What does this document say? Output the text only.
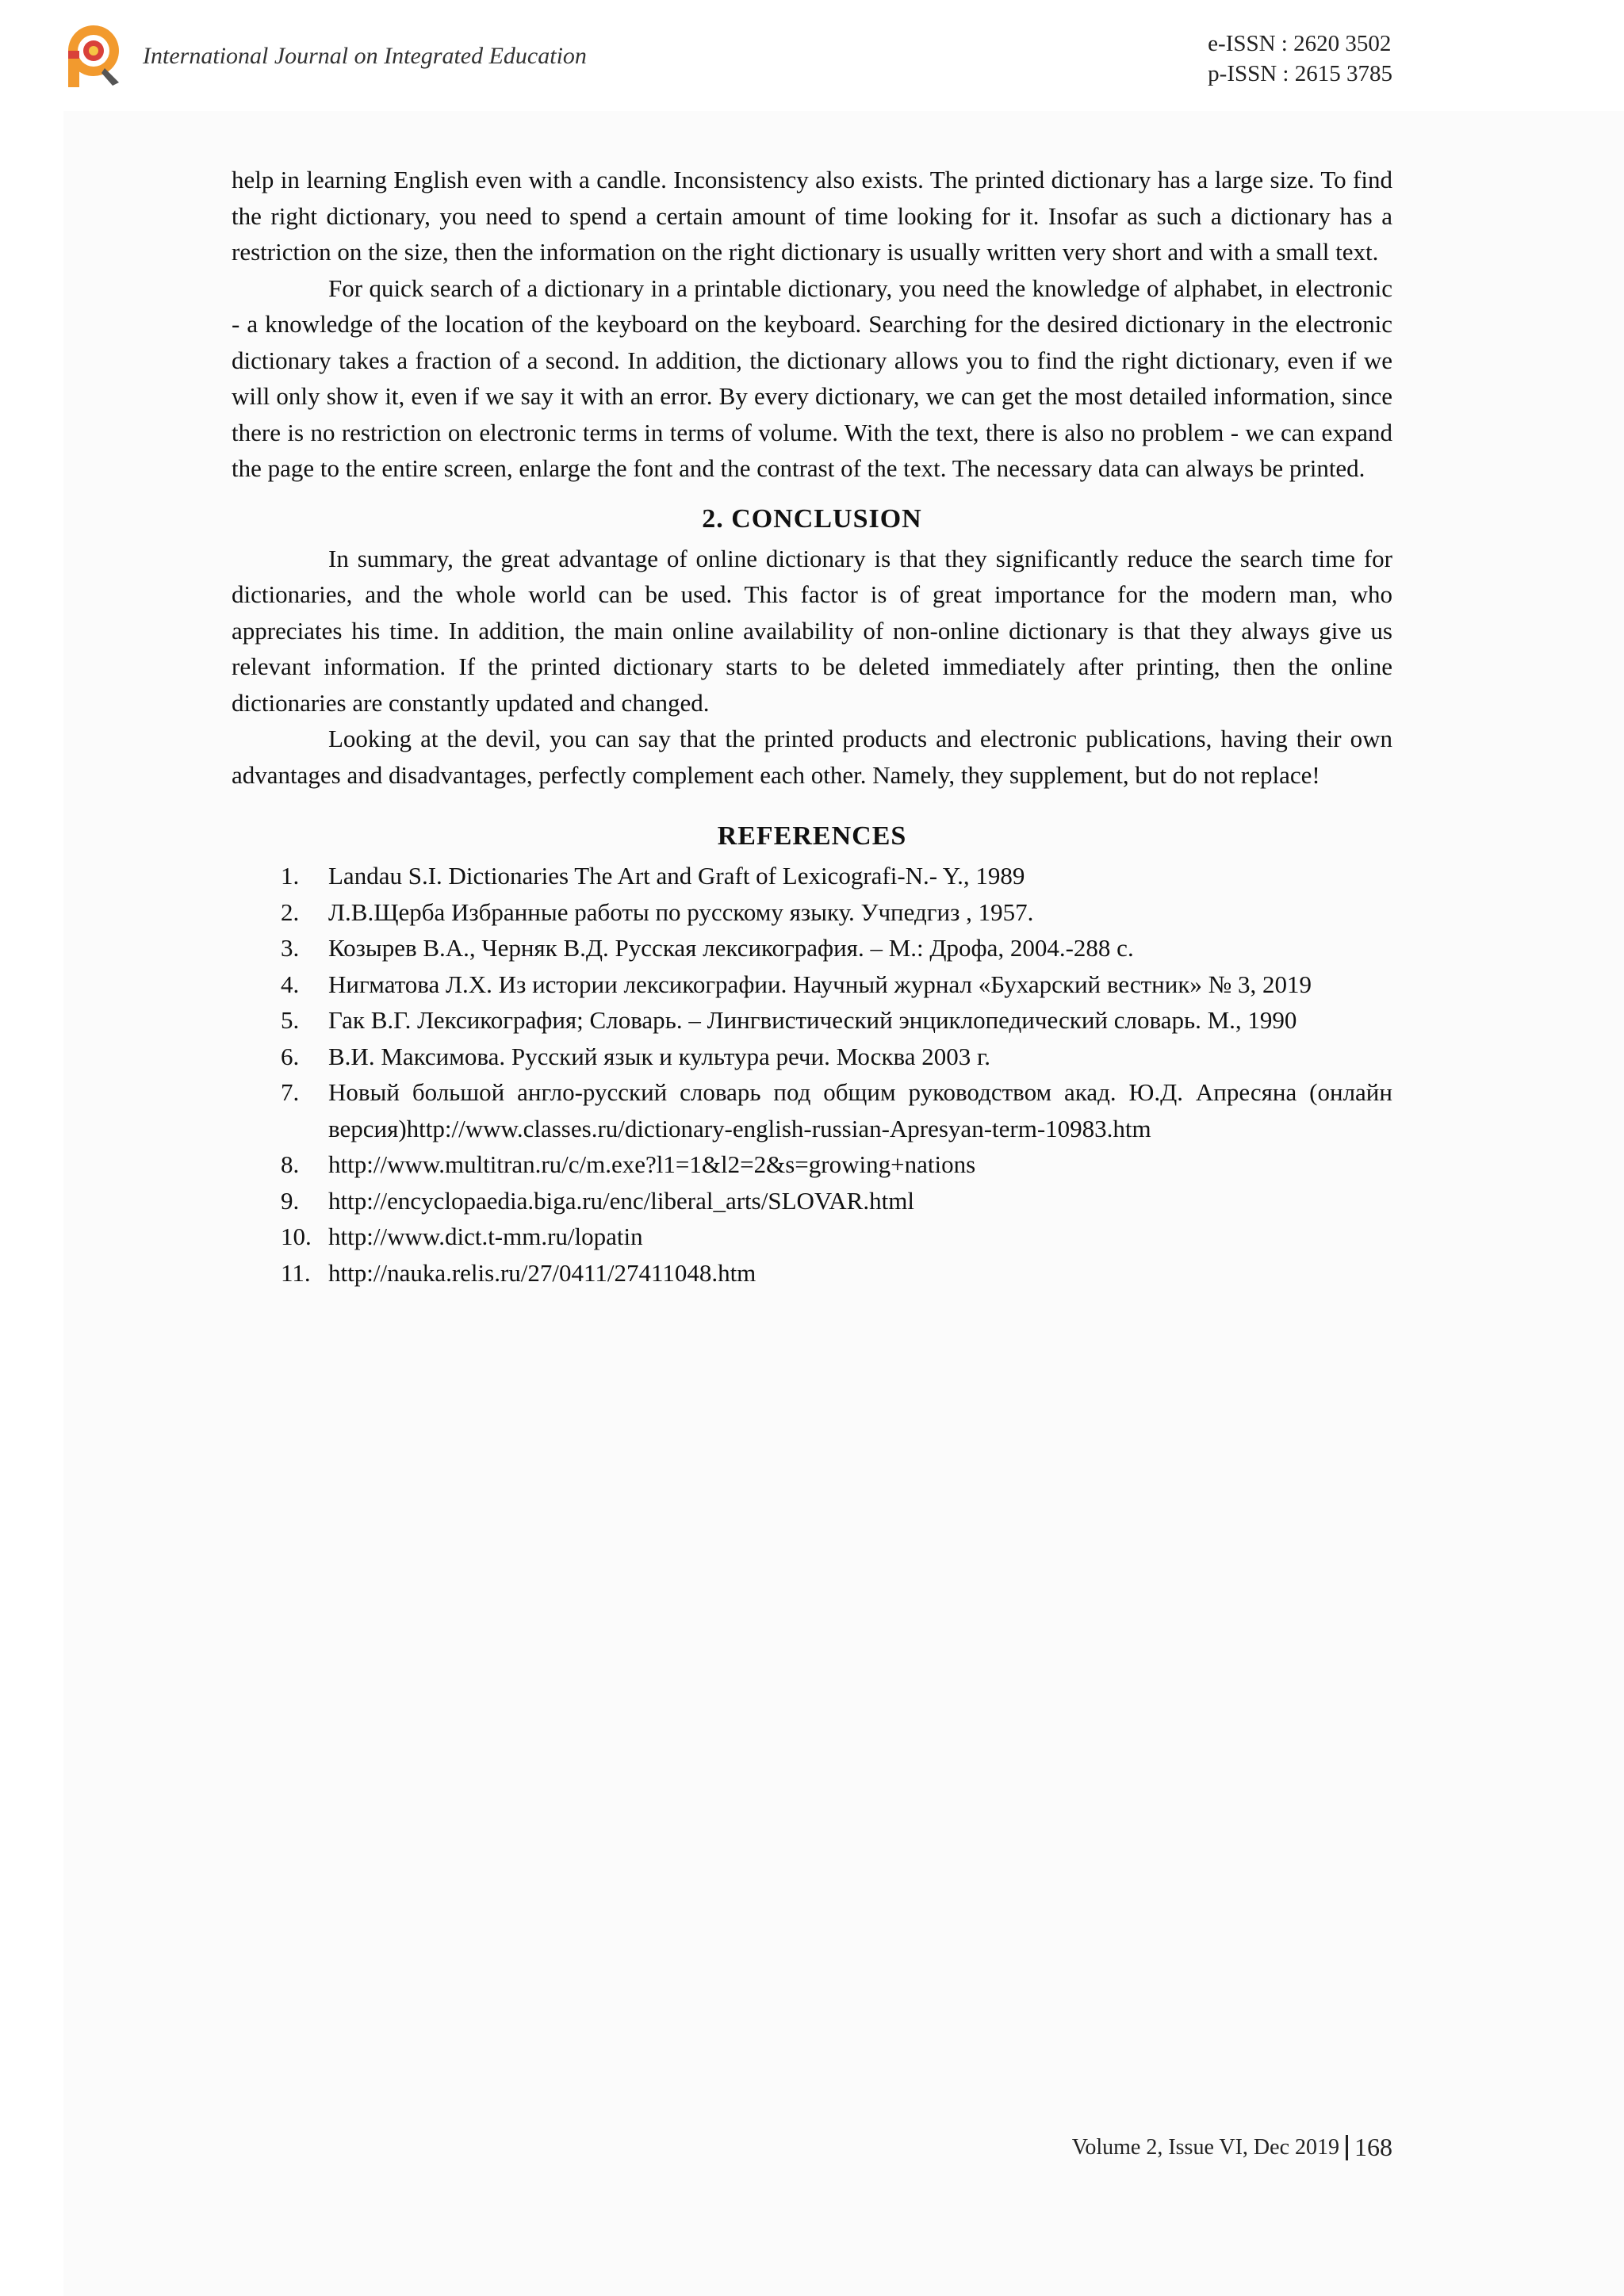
International Journal on Integrated Education	e-ISSN : 2620 3502
p-ISSN : 2615 3785

help in learning English even with a candle. Inconsistency also exists. The printed dictionary has a large size. To find the right dictionary, you need to spend a certain amount of time looking for it. Insofar as such a dictionary has a restriction on the size, then the information on the right dictionary is usually written very short and with a small text.

For quick search of a dictionary in a printable dictionary, you need the knowledge of alphabet, in electronic - a knowledge of the location of the keyboard on the keyboard. Searching for the desired dictionary in the electronic dictionary takes a fraction of a second. In addition, the dictionary allows you to find the right dictionary, even if we will only show it, even if we say it with an error. By every dictionary, we can get the most detailed information, since there is no restriction on electronic terms in terms of volume. With the text, there is also no problem - we can expand the page to the entire screen, enlarge the font and the contrast of the text. The necessary data can always be printed.

2. CONCLUSION

In summary, the great advantage of online dictionary is that they significantly reduce the search time for dictionaries, and the whole world can be used. This factor is of great importance for the modern man, who appreciates his time. In addition, the main online availability of non-online dictionary is that they always give us relevant information. If the printed dictionary starts to be deleted immediately after printing, then the online dictionaries are constantly updated and changed.

Looking at the devil, you can say that the printed products and electronic publications, having their own advantages and disadvantages, perfectly complement each other. Namely, they supplement, but do not replace!

REFERENCES
1. Landau S.I. Dictionaries The Art and Graft of Lexicografi-N.- Y., 1989
2. Л.В.Щерба Избранные работы по русскому языку. Учпедгиз , 1957.
3. Козырев В.А., Черняк В.Д. Русская лексикография. – М.: Дрофа, 2004.-288 с.
4. Нигматова Л.Х. Из истории лексикографии. Научный журнал «Бухарский вестник» № 3, 2019
5. Гак В.Г. Лексикография; Словарь. – Лингвистический энциклопедический словарь. М., 1990
6. В.И. Максимова. Русский язык и культура речи. Москва 2003 г.
7. Новый большой англо-русский словарь под общим руководством акад. Ю.Д. Апресяна (онлайн версия)http://www.classes.ru/dictionary-english-russian-Apresyan-term-10983.htm
8. http://www.multitran.ru/c/m.exe?l1=1&l2=2&s=growing+nations
9. http://encyclopaedia.biga.ru/enc/liberal_arts/SLOVAR.html
10. http://www.dict.t-mm.ru/lopatin
11. http://nauka.relis.ru/27/0411/27411048.htm
Volume 2, Issue VI, Dec 2019 168
